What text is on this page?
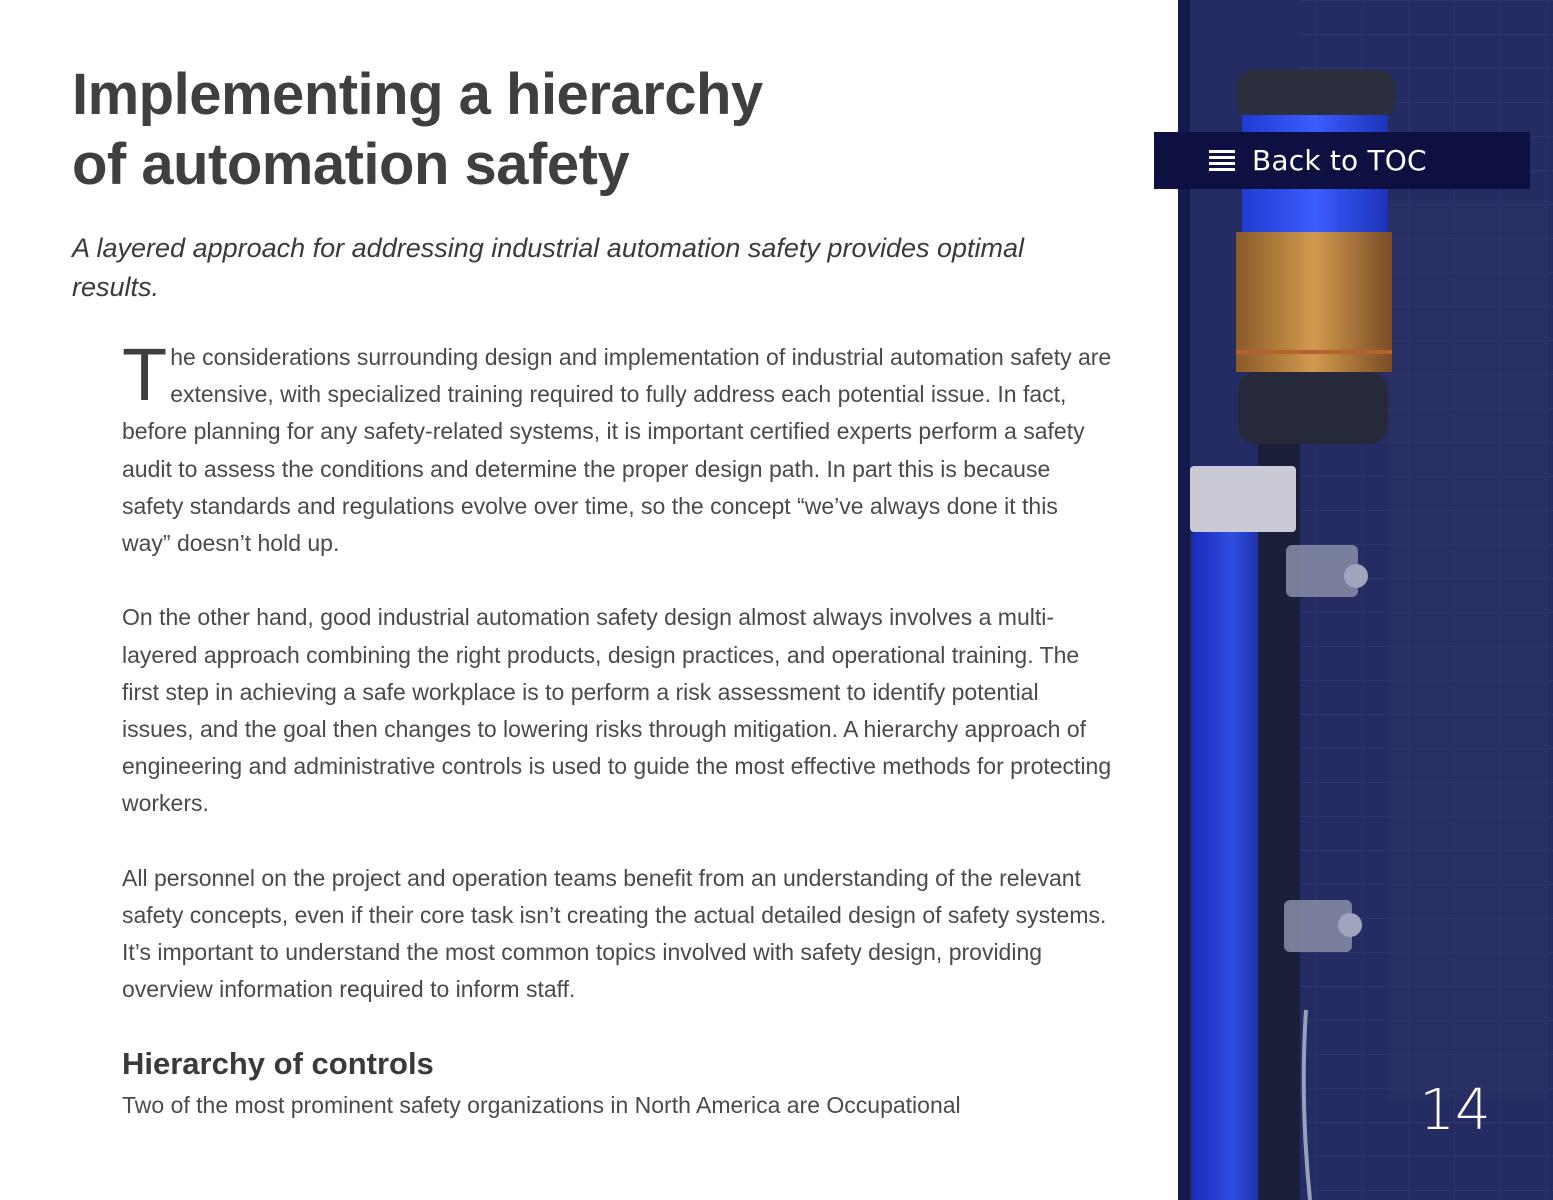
Implementing a hierarchy
of automation safety

A layered approach for addressing industrial automation safety provides optimal results.

The considerations surrounding design and implementation of industrial automation safety are extensive, with specialized training required to fully address each potential issue. In fact, before planning for any safety-related systems, it is important certified experts perform a safety audit to assess the conditions and determine the proper design path. In part this is because safety standards and regulations evolve over time, so the concept “we’ve always done it this way” doesn’t hold up.

On the other hand, good industrial automation safety design almost always involves a multi-layered approach combining the right products, design practices, and operational training. The first step in achieving a safe workplace is to perform a risk assessment to identify potential issues, and the goal then changes to lowering risks through mitigation. A hierarchy approach of engineering and administrative controls is used to guide the most effective methods for protecting workers.

All personnel on the project and operation teams benefit from an understanding of the relevant safety concepts, even if their core task isn’t creating the actual detailed design of safety systems. It’s important to understand the most common topics involved with safety design, providing overview information required to inform staff.

Hierarchy of controls

Two of the most prominent safety organizations in North America are Occupational

Back to TOC
14
